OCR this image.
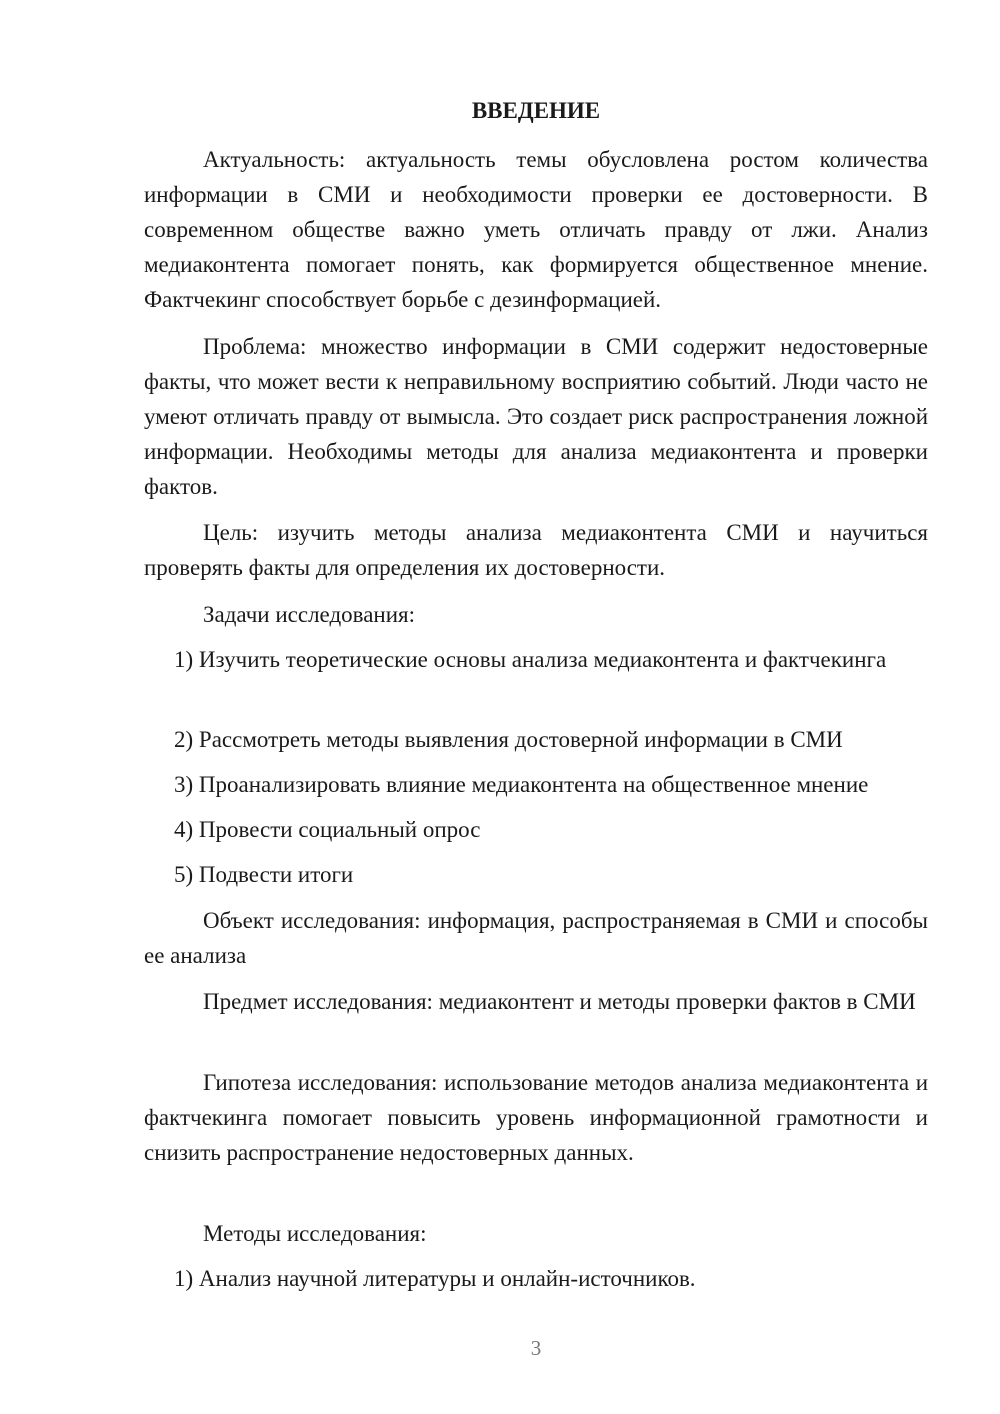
ВВЕДЕНИЕ
Актуальность: актуальность темы обусловлена ростом количества информации в СМИ и необходимости проверки ее достоверности. В современном обществе важно уметь отличать правду от лжи. Анализ медиаконтента помогает понять, как формируется общественное мнение. Фактчекинг способствует борьбе с дезинформацией.
Проблема: множество информации в СМИ содержит недостоверные факты, что может вести к неправильному восприятию событий. Люди часто не умеют отличать правду от вымысла. Это создает риск распространения ложной информации. Необходимы методы для анализа медиаконтента и проверки фактов.
Цель: изучить методы анализа медиаконтента СМИ и научиться проверять факты для определения их достоверности.
Задачи исследования:
1) Изучить теоретические основы анализа медиаконтента и фактчекинга
2) Рассмотреть методы выявления достоверной информации в СМИ
3) Проанализировать влияние медиаконтента на общественное мнение
4) Провести социальный опрос
5) Подвести итоги
Объект исследования: информация, распространяемая в СМИ и способы ее анализа
Предмет исследования: медиаконтент и методы проверки фактов в СМИ
Гипотеза исследования: использование методов анализа медиаконтента и фактчекинга помогает повысить уровень информационной грамотности и снизить распространение недостоверных данных.
Методы исследования:
1) Анализ научной литературы и онлайн-источников.
3
